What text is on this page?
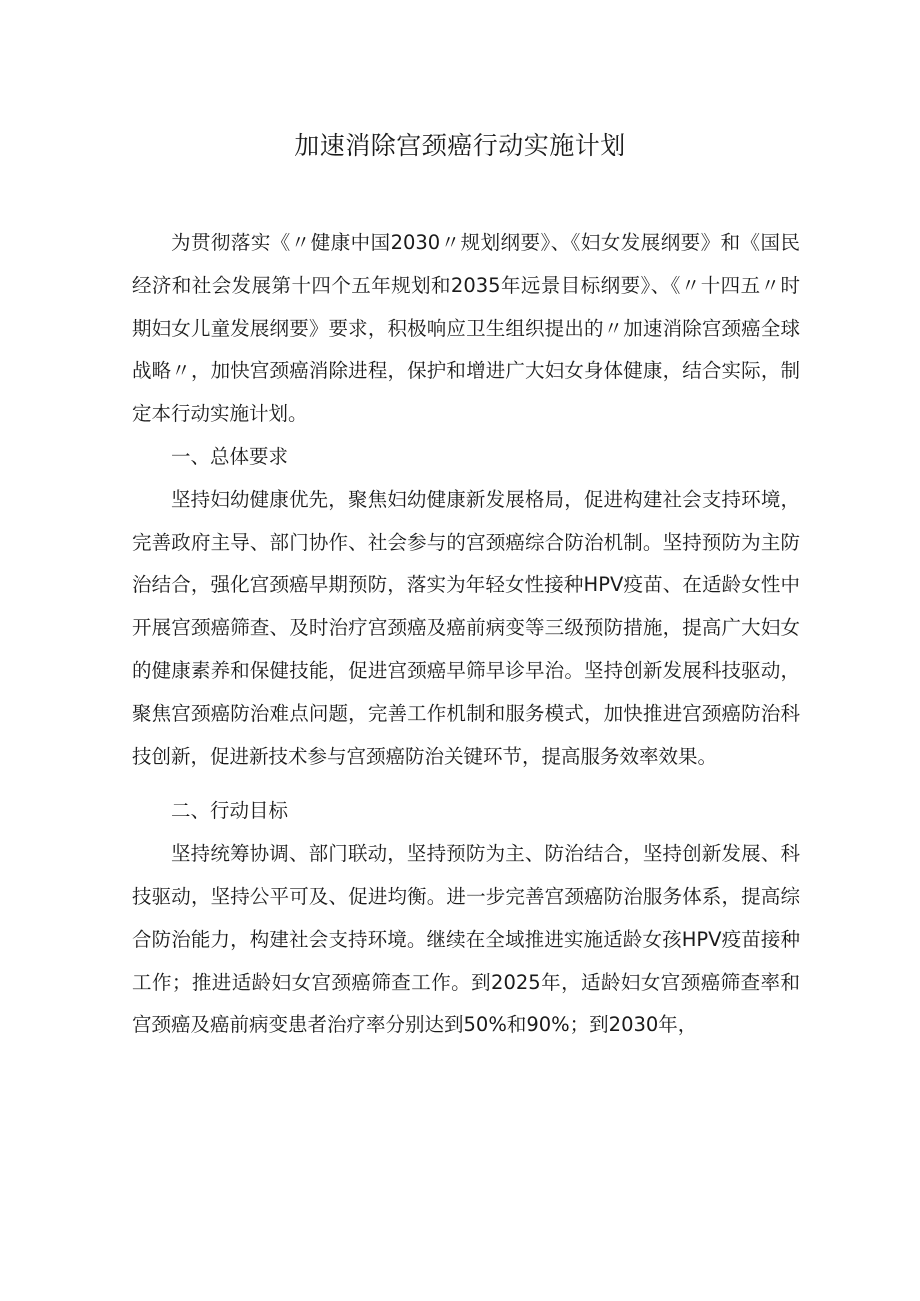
加速消除宫颈癌行动实施计划

为贯彻落实《〃健康中国2030〃规划纲要》、《妇女发展纲要》和《国民经济和社会发展第十四个五年规划和2035年远景目标纲要》、《〃十四五〃时期妇女儿童发展纲要》要求，积极响应卫生组织提出的〃加速消除宫颈癌全球战略〃，加快宫颈癌消除进程，保护和增进广大妇女身体健康，结合实际，制定本行动实施计划。

一、总体要求

坚持妇幼健康优先，聚焦妇幼健康新发展格局，促进构建社会支持环境，完善政府主导、部门协作、社会参与的宫颈癌综合防治机制。坚持预防为主防治结合，强化宫颈癌早期预防，落实为年轻女性接种HPV疫苗、在适龄女性中开展宫颈癌筛查、及时治疗宫颈癌及癌前病变等三级预防措施，提高广大妇女的健康素养和保健技能，促进宫颈癌早筛早诊早治。坚持创新发展科技驱动，聚焦宫颈癌防治难点问题，完善工作机制和服务模式，加快推进宫颈癌防治科技创新，促进新技术参与宫颈癌防治关键环节，提高服务效率效果。

二、行动目标

坚持统筹协调、部门联动，坚持预防为主、防治结合，坚持创新发展、科技驱动，坚持公平可及、促进均衡。进一步完善宫颈癌防治服务体系，提高综合防治能力，构建社会支持环境。继续在全域推进实施适龄女孩HPV疫苗接种工作；推进适龄妇女宫颈癌筛查工作。到2025年，适龄妇女宫颈癌筛查率和宫颈癌及癌前病变患者治疗率分别达到50%和90%；到2030年，
